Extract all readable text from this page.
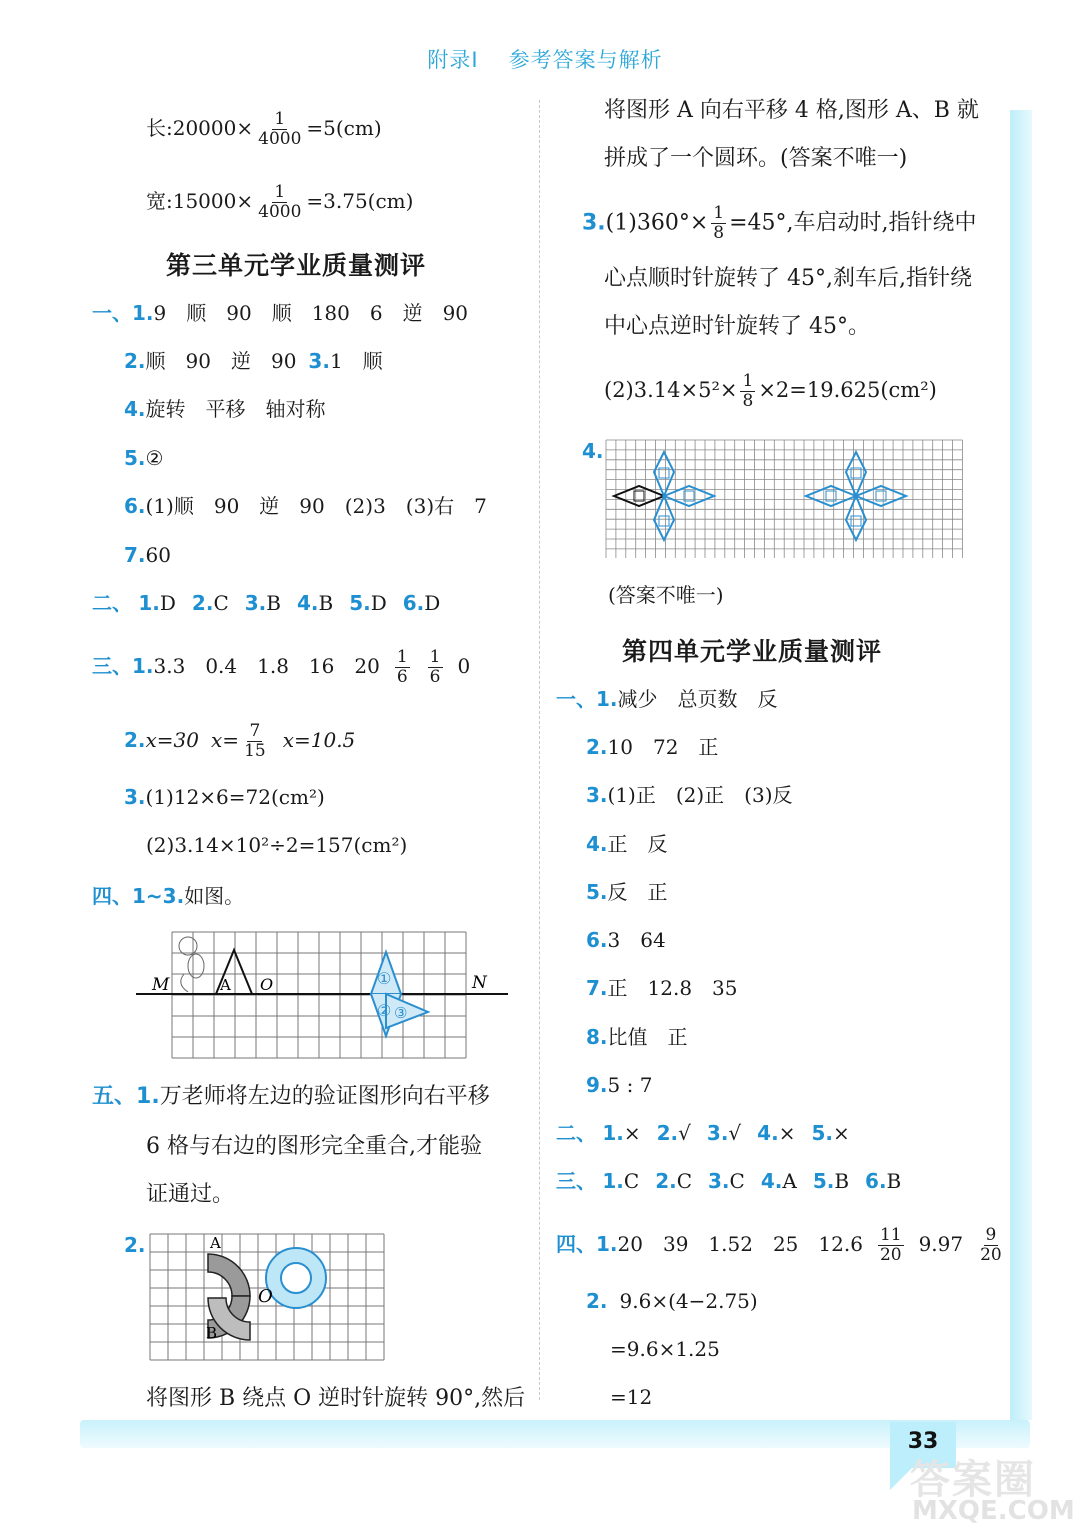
附录Ⅰ 参考答案与解析
长:20000× $\frac{1}{4000} =5(cm)$
宽:15000× $\frac{1}{4000} =3.75(cm)$
第三单元学业质量测评
一、1.9　顺　90　顺　180　6　逆　90
2.顺　90　逆　90 3.1　顺
4.旋转　平移　轴对称
5.②
6.(1)顺　90　逆　90　(2)3　(3)右　7
7.60
二、 1.D 2.C 3.B 4.B 5.D 6.D
三、1.3.3　0.4　1.8　16　$20 \frac{1}{6} \frac{1}{6} 0$
2.x=30 $x= \frac{7}{15} x=10.5$
3.(1)12×6=72(cm²)
(2)3.14×10²÷2=157(cm²)
四、1~3.如图。
M	A O	N
①
② ③
五、1.万老师将左边的验证图形向右平移
6 格与右边的图形完全重合,才能验
证通过。
2.	A
B
O
将图形 B 绕点 O 逆时针旋转 90°,然后
将图形 A 向右平移 4 格,图形 A、B 就
拼成了一个圆环。(答案不唯一)
$3.(1)360^\circ\times \frac{1}{8} =45^\circ$,车启动时,指针绕中
心点顺时针旋转了 45°,刹车后,指针绕
中心点逆时针旋转了 45°。
$(2)3.14\times 5^2\times \frac{1}{8} \times 2=19.625(cm^2)$
4.
(答案不唯一)
第四单元学业质量测评
一、1.减少　总页数　反
2.10　72　正
3.(1)正　(2)正　(3)反
4.正　反
5.反　正
6.3　64
7.正　12.8　35
8.比值　正
9.5 : 7
二、 1.× 2.√ 3.√ 4.× 5.×
三、 1.C 2.C 3.C 4.A 5.B 6.B
四、1.20　39　1.52　25　$12.6 \frac{11}{20} 9.97 \frac{9}{20}$
2. 9.6×(4−2.75)
=9.6×1.25
=12
33
答案圈
MXQE.COM
